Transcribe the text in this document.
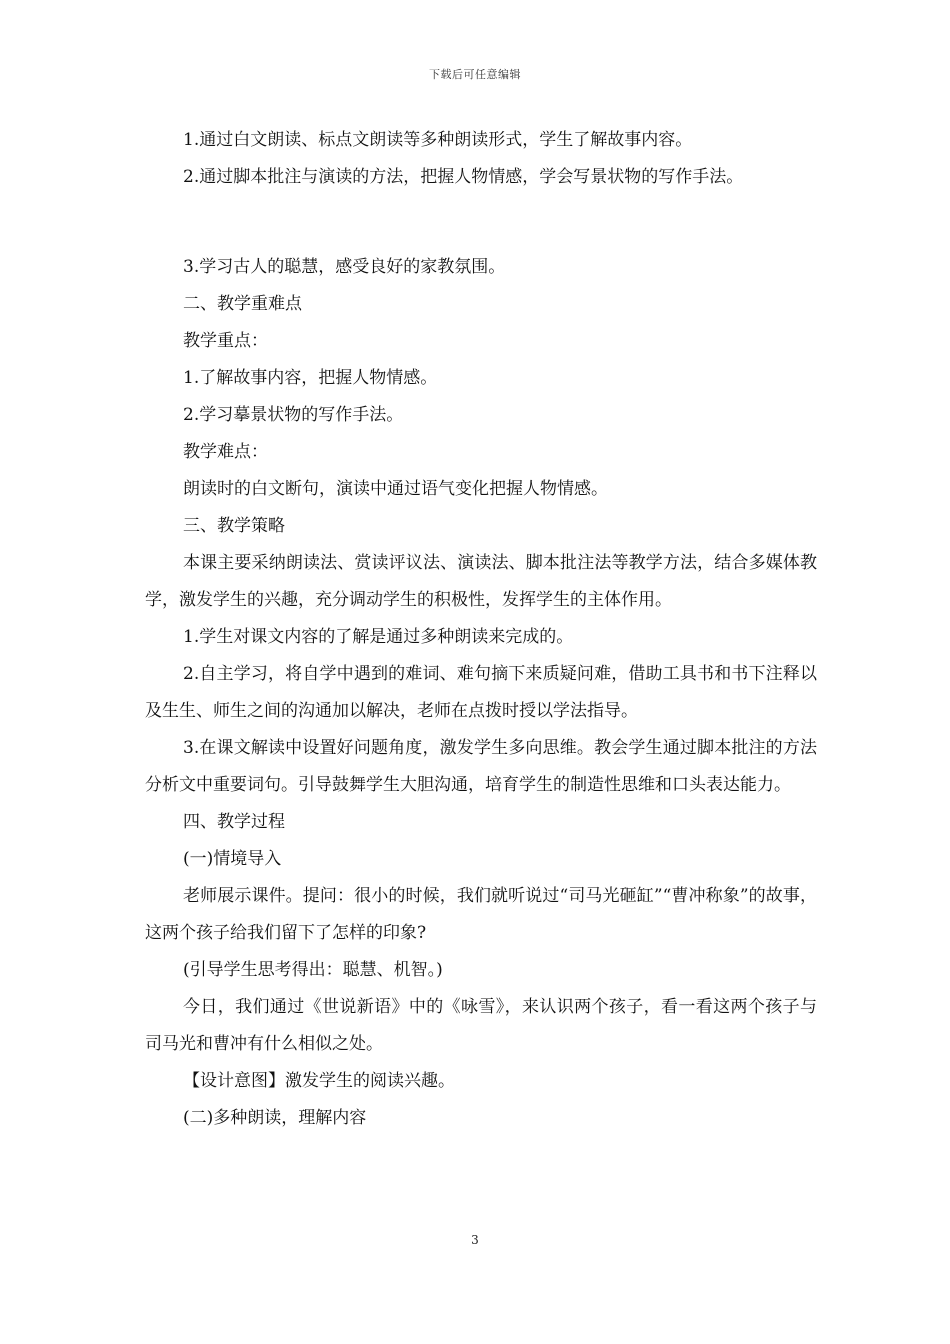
下载后可任意编辑

1.通过白文朗读、标点文朗读等多种朗读形式，学生了解故事内容。

2.通过脚本批注与演读的方法，把握人物情感，学会写景状物的写作手法。

3.学习古人的聪慧，感受良好的家教氛围。

二、教学重难点

教学重点：

1.了解故事内容，把握人物情感。

2.学习摹景状物的写作手法。

教学难点：

朗读时的白文断句，演读中通过语气变化把握人物情感。

三、教学策略

本课主要采纳朗读法、赏读评议法、演读法、脚本批注法等教学方法，结合多媒体教学，激发学生的兴趣，充分调动学生的积极性，发挥学生的主体作用。

1.学生对课文内容的了解是通过多种朗读来完成的。

2.自主学习，将自学中遇到的难词、难句摘下来质疑问难，借助工具书和书下注释以及生生、师生之间的沟通加以解决，老师在点拨时授以学法指导。

3.在课文解读中设置好问题角度，激发学生多向思维。教会学生通过脚本批注的方法分析文中重要词句。引导鼓舞学生大胆沟通，培育学生的制造性思维和口头表达能力。

四、教学过程

(一)情境导入

老师展示课件。提问：很小的时候，我们就听说过“司马光砸缸”“曹冲称象”的故事，这两个孩子给我们留下了怎样的印象?

(引导学生思考得出：聪慧、机智。)

今日，我们通过《世说新语》中的《咏雪》，来认识两个孩子，看一看这两个孩子与司马光和曹冲有什么相似之处。

【设计意图】激发学生的阅读兴趣。

(二)多种朗读，理解内容

3
